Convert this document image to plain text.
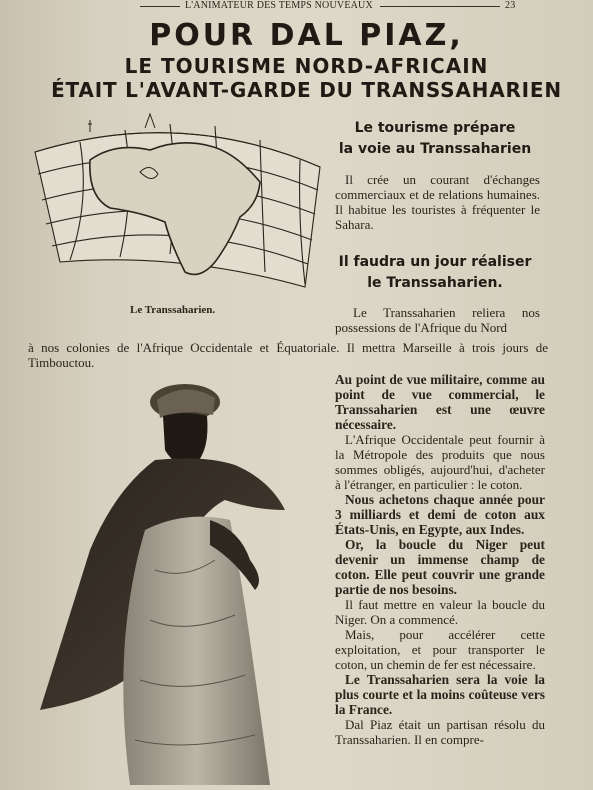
L'ANIMATEUR DES TEMPS NOUVEAUX	23
POUR DAL PIAZ,
LE TOURISME NORD-AFRICAIN
ÉTAIT L'AVANT-GARDE DU TRANSSAHARIEN
Le Transsaharien.
Le tourisme prépare
la voie au Transsaharien
Il crée un courant d'échanges commerciaux et de relations humaines. Il habitue les touristes à fréquenter le Sahara.
Il faudra un jour réaliser
le Transsaharien.
Le Transsaharien reliera nos possessions de l'Afrique du Nord
à nos colonies de l'Afrique Occidentale et Équatoriale. Il mettra Marseille à trois jours de Timbouctou.

Au point de vue militaire, comme au point de vue commercial, le Transsaharien est une œuvre nécessaire.

L'Afrique Occidentale peut fournir à la Métropole des produits que nous sommes obligés, aujourd'hui, d'acheter à l'étranger, en particulier : le coton.

Nous achetons chaque année pour 3 milliards et demi de coton aux États-Unis, en Egypte, aux Indes.

Or, la boucle du Niger peut devenir un immense champ de coton. Elle peut couvrir une grande partie de nos besoins.

Il faut mettre en valeur la boucle du Niger. On a commencé.

Mais, pour accélérer cette exploitation, et pour transporter le coton, un chemin de fer est nécessaire.

Le Transsaharien sera la voie la plus courte et la moins coûteuse vers la France.

Dal Piaz était un partisan résolu du Transsaharien. Il en compre-
